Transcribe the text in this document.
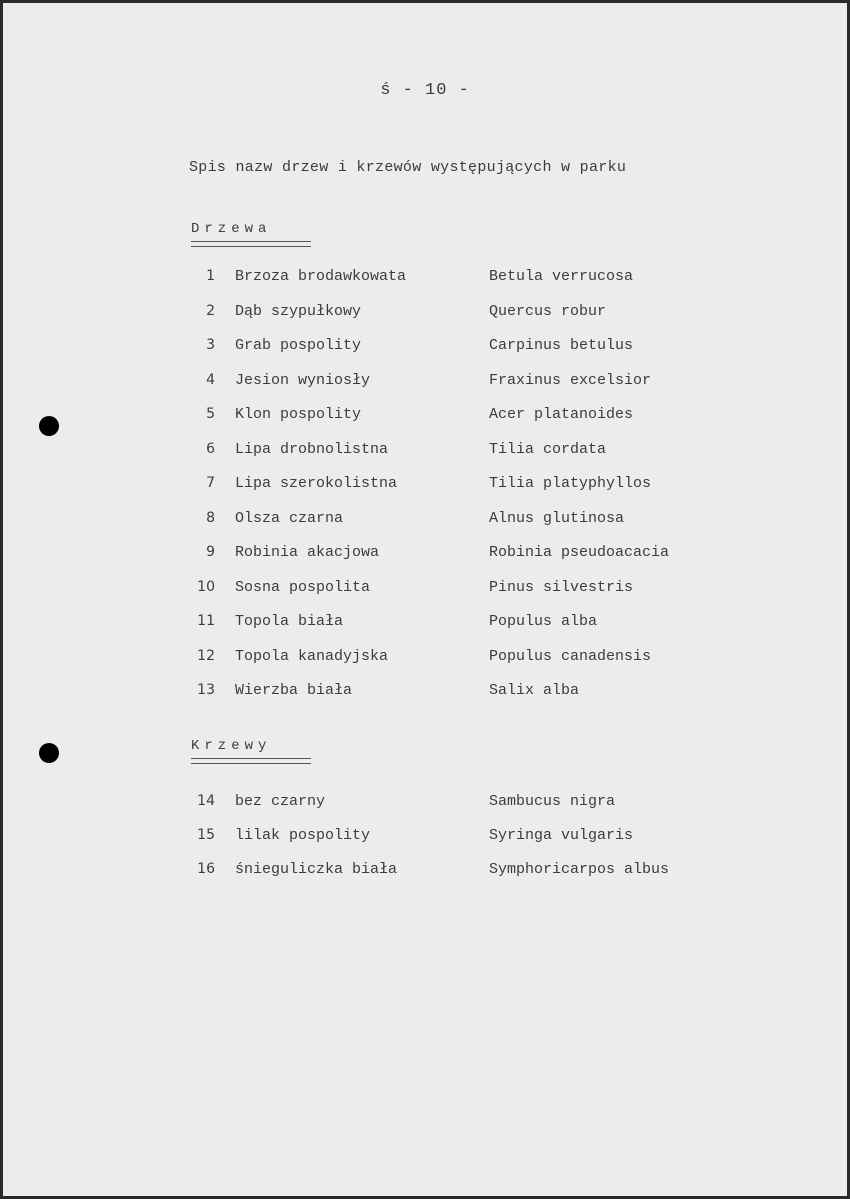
ś - 10 -
Spis nazw drzew i krzewów występujących w parku
Drzewa
1 Brzoza brodawkowata	Betula verrucosa
2 Dąb szypułkowy	Quercus robur
3 Grab pospolity	Carpinus betulus
4 Jesion wyniosły	Fraxinus excelsior
5 Klon pospolity	Acer platanoides
6 Lipa drobnolistna	Tilia cordata
7 Lipa szerokolistna	Tilia platyphyllos
8 Olsza czarna	Alnus glutinosa
9 Robinia akacjowa	Robinia pseudoacacia
10 Sosna pospolita	Pinus silvestris
11 Topola biała	Populus alba
12 Topola kanadyjska	Populus canadensis
13 Wierzba biała	Salix alba
Krzewy
14 bez czarny	Sambucus nigra
15 lilak pospolity	Syringa vulgaris
16 śnieguliczka biała	Symphoricarpos albus
